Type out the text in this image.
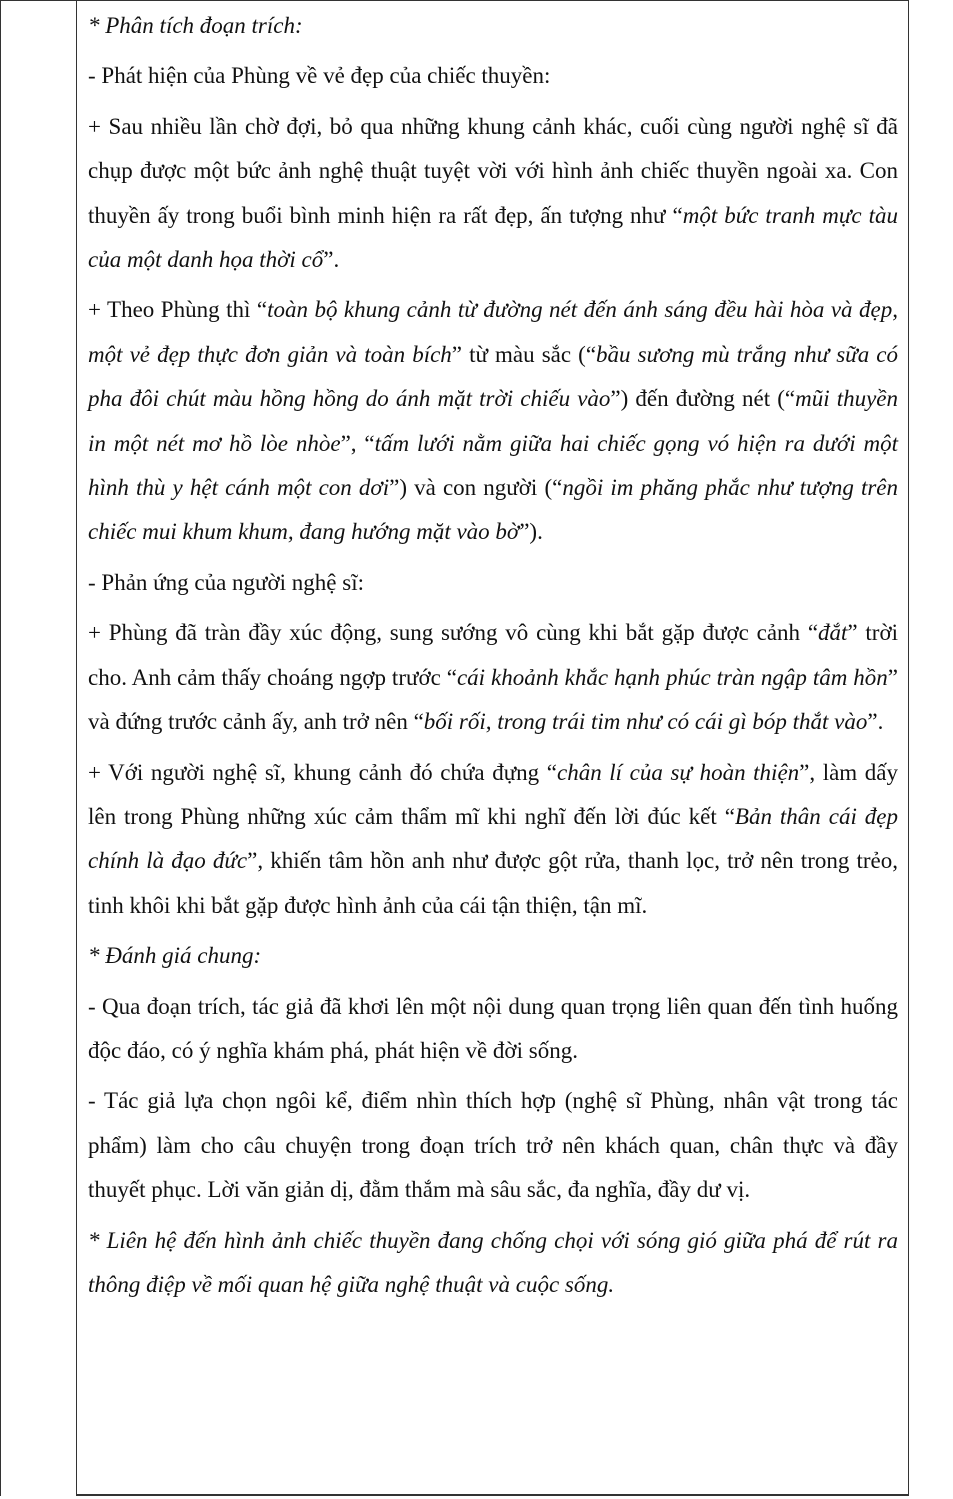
* Phân tích đoạn trích:

- Phát hiện của Phùng về vẻ đẹp của chiếc thuyền:

+ Sau nhiều lần chờ đợi, bỏ qua những khung cảnh khác, cuối cùng người nghệ sĩ đã chụp được một bức ảnh nghệ thuật tuyệt vời với hình ảnh chiếc thuyền ngoài xa. Con thuyền ấy trong buổi bình minh hiện ra rất đẹp, ấn tượng như “một bức tranh mực tàu của một danh họa thời cổ”.

+ Theo Phùng thì “toàn bộ khung cảnh từ đường nét đến ánh sáng đều hài hòa và đẹp, một vẻ đẹp thực đơn giản và toàn bích” từ màu sắc (“bầu sương mù trắng như sữa có pha đôi chút màu hồng hồng do ánh mặt trời chiếu vào”) đến đường nét (“mũi thuyền in một nét mơ hồ lòe nhòe”, “tấm lưới nằm giữa hai chiếc gọng vó hiện ra dưới một hình thù y hệt cánh một con dơi”) và con người (“ngồi im phăng phắc như tượng trên chiếc mui khum khum, đang hướng mặt vào bờ”).

- Phản ứng của người nghệ sĩ:

+ Phùng đã tràn đầy xúc động, sung sướng vô cùng khi bắt gặp được cảnh “đắt” trời cho. Anh cảm thấy choáng ngợp trước “cái khoảnh khắc hạnh phúc tràn ngập tâm hồn” và đứng trước cảnh ấy, anh trở nên “bối rối, trong trái tim như có cái gì bóp thắt vào”.

+ Với người nghệ sĩ, khung cảnh đó chứa đựng “chân lí của sự hoàn thiện”, làm dấy lên trong Phùng những xúc cảm thẩm mĩ khi nghĩ đến lời đúc kết “Bản thân cái đẹp chính là đạo đức”, khiến tâm hồn anh như được gột rửa, thanh lọc, trở nên trong trẻo, tinh khôi khi bắt gặp được hình ảnh của cái tận thiện, tận mĩ.

* Đánh giá chung:

- Qua đoạn trích, tác giả đã khơi lên một nội dung quan trọng liên quan đến tình huống độc đáo, có ý nghĩa khám phá, phát hiện về đời sống.

- Tác giả lựa chọn ngôi kể, điểm nhìn thích hợp (nghệ sĩ Phùng, nhân vật trong tác phẩm) làm cho câu chuyện trong đoạn trích trở nên khách quan, chân thực và đầy thuyết phục. Lời văn giản dị, đằm thắm mà sâu sắc, đa nghĩa, đầy dư vị.

* Liên hệ đến hình ảnh chiếc thuyền đang chống chọi với sóng gió giữa phá để rút ra thông điệp về mối quan hệ giữa nghệ thuật và cuộc sống.
